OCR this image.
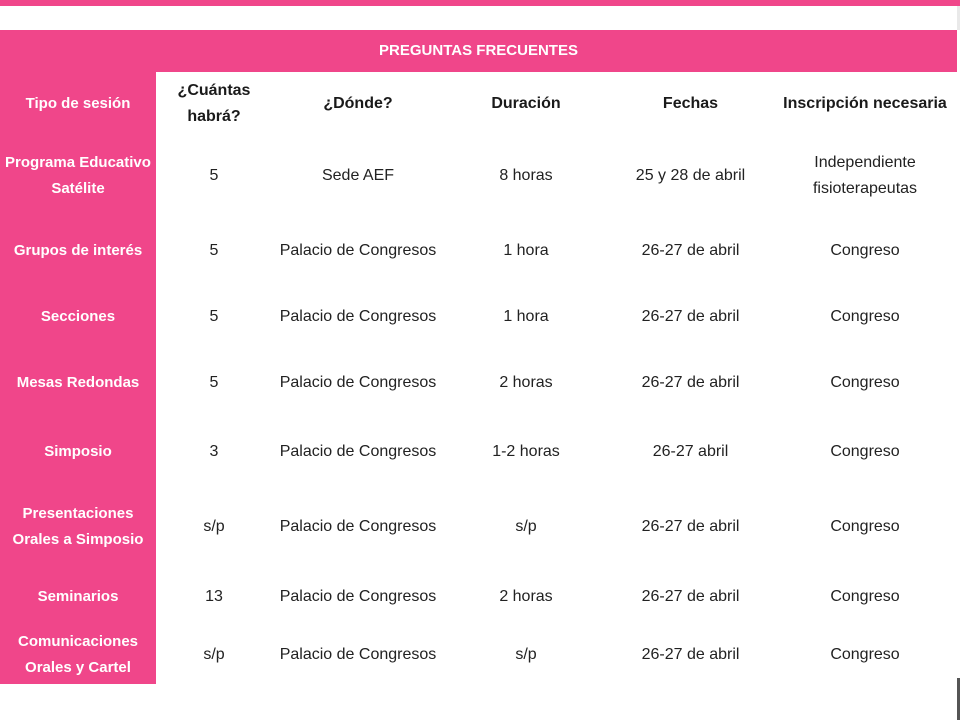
PREGUNTAS FRECUENTES					
Tipo de sesión	¿Cuántas habrá?	¿Dónde?	Duración	Fechas	Inscripción necesaria
Programa Educativo Satélite	5	Sede AEF	8 horas	25 y 28 de abril	Independiente fisioterapeutas
Grupos de interés	5	Palacio de Congresos	1 hora	26-27 de abril	Congreso
Secciones	5	Palacio de Congresos	1 hora	26-27 de abril	Congreso
Mesas Redondas	5	Palacio de Congresos	2 horas	26-27 de abril	Congreso
Simposio	3	Palacio de Congresos	1-2 horas	26-27 abril	Congreso
Presentaciones Orales a Simposio	s/p	Palacio de Congresos	s/p	26-27 de abril	Congreso
Seminarios	13	Palacio de Congresos	2 horas	26-27 de abril	Congreso
Comunicaciones Orales y Cartel	s/p	Palacio de Congresos	s/p	26-27 de abril	Congreso
